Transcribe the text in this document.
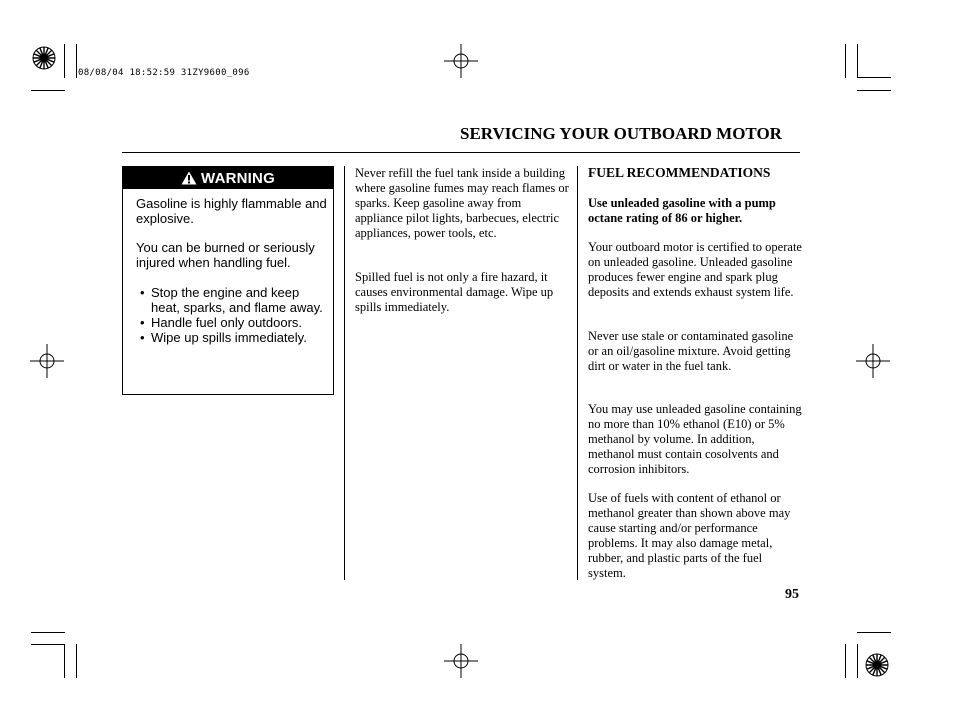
08/08/04 18:52:59 31ZY9600_096
SERVICING YOUR OUTBOARD MOTOR
WARNING
Gasoline is highly flammable and explosive.
You can be burned or seriously injured when handling fuel.
• Stop the engine and keep heat, sparks, and flame away.
• Handle fuel only outdoors.
• Wipe up spills immediately.

Never refill the fuel tank inside a building where gasoline fumes may reach flames or sparks. Keep gasoline away from appliance pilot lights, barbecues, electric appliances, power tools, etc.

Spilled fuel is not only a fire hazard, it causes environmental damage. Wipe up spills immediately.

FUEL RECOMMENDATIONS

Use unleaded gasoline with a pump octane rating of 86 or higher.

Your outboard motor is certified to operate on unleaded gasoline. Unleaded gasoline produces fewer engine and spark plug deposits and extends exhaust system life.

Never use stale or contaminated gasoline or an oil/gasoline mixture. Avoid getting dirt or water in the fuel tank.

You may use unleaded gasoline containing no more than 10% ethanol (E10) or 5% methanol by volume. In addition, methanol must contain cosolvents and corrosion inhibitors.

Use of fuels with content of ethanol or methanol greater than shown above may cause starting and/or performance problems. It may also damage metal, rubber, and plastic parts of the fuel system.

95
